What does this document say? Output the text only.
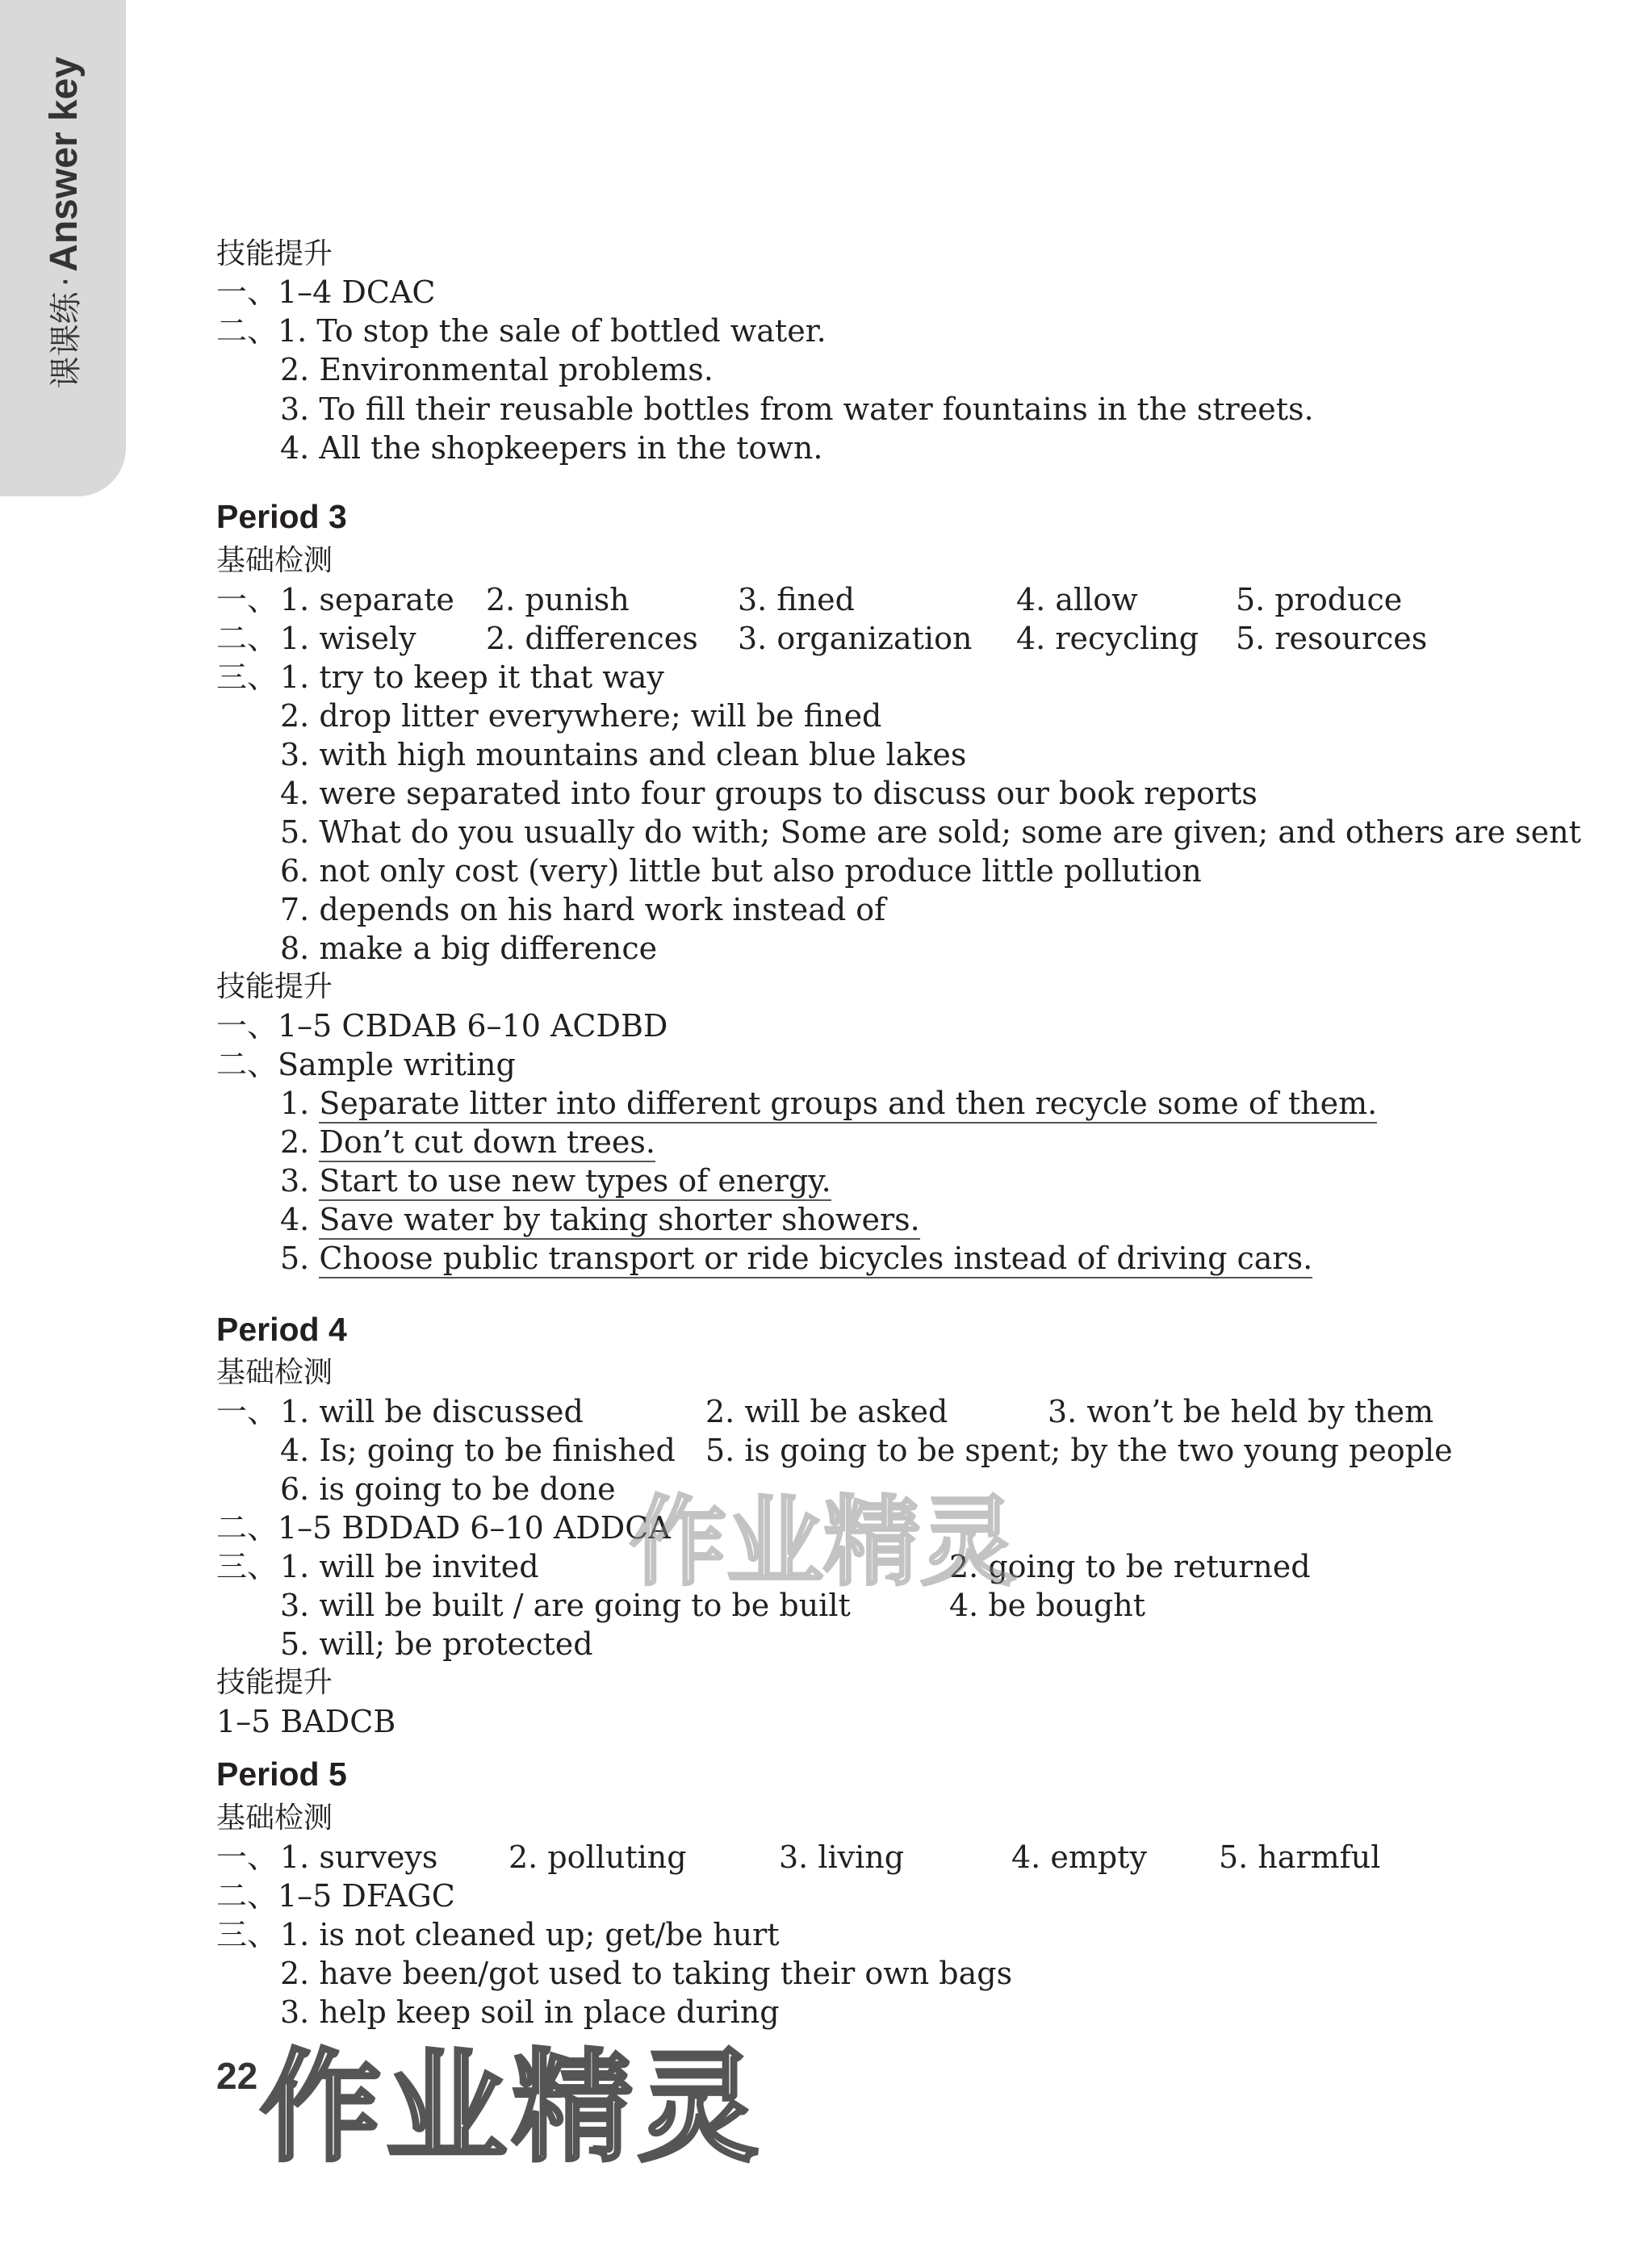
课课练·Answer key	技能提升
一、1–4 DCAC
二、1. To stop the sale of bottled water.
2. Environmental problems.
3. To fill their reusable bottles from water fountains in the streets.
4. All the shopkeepers in the town.
Period 3
基础检测
一、 1. separate 2. punish	3. fined	4. allow	5. produce
二、 1. wisely 2. differences 3. organization 4. recycling 5. resources
三、 1. try to keep it that way
2. drop litter everywhere; will be fined
3. with high mountains and clean blue lakes
4. were separated into four groups to discuss our book reports
5. What do you usually do with; Some are sold; some are given; and others are sent
6. not only cost (very) little but also produce little pollution
7. depends on his hard work instead of
8. make a big difference
技能提升
一、1–5 CBDAB 6–10 ACDBD
二、Sample writing
1. Separate litter into different groups and then recycle some of them.
2. Don’t cut down trees.
3. Start to use new types of energy.
4. Save water by taking shorter showers.
5. Choose public transport or ride bicycles instead of driving cars.
Period 4
基础检测
一、 1. will be discussed	2. will be asked	3. won’t be held by them
4. Is; going to be finished 5. is going to be spent; by the two young people
6. is going to be done
二、1–5 BDDAD 6–10 ADDCA
三、 1. will be invited	2. going to be returned
3. will be built / are going to be built	4. be bought
5. will; be protected
技能提升
1–5 BADCB
Period 5
基础检测
一、 1. surveys 2. polluting	3. living	4. empty 5. harmful
二、1–5 DFAGC
三、 1. is not cleaned up; get/be hurt
2. have been/got used to taking their own bags
3. help keep soil in place during
22 作业精灵
作业精灵
